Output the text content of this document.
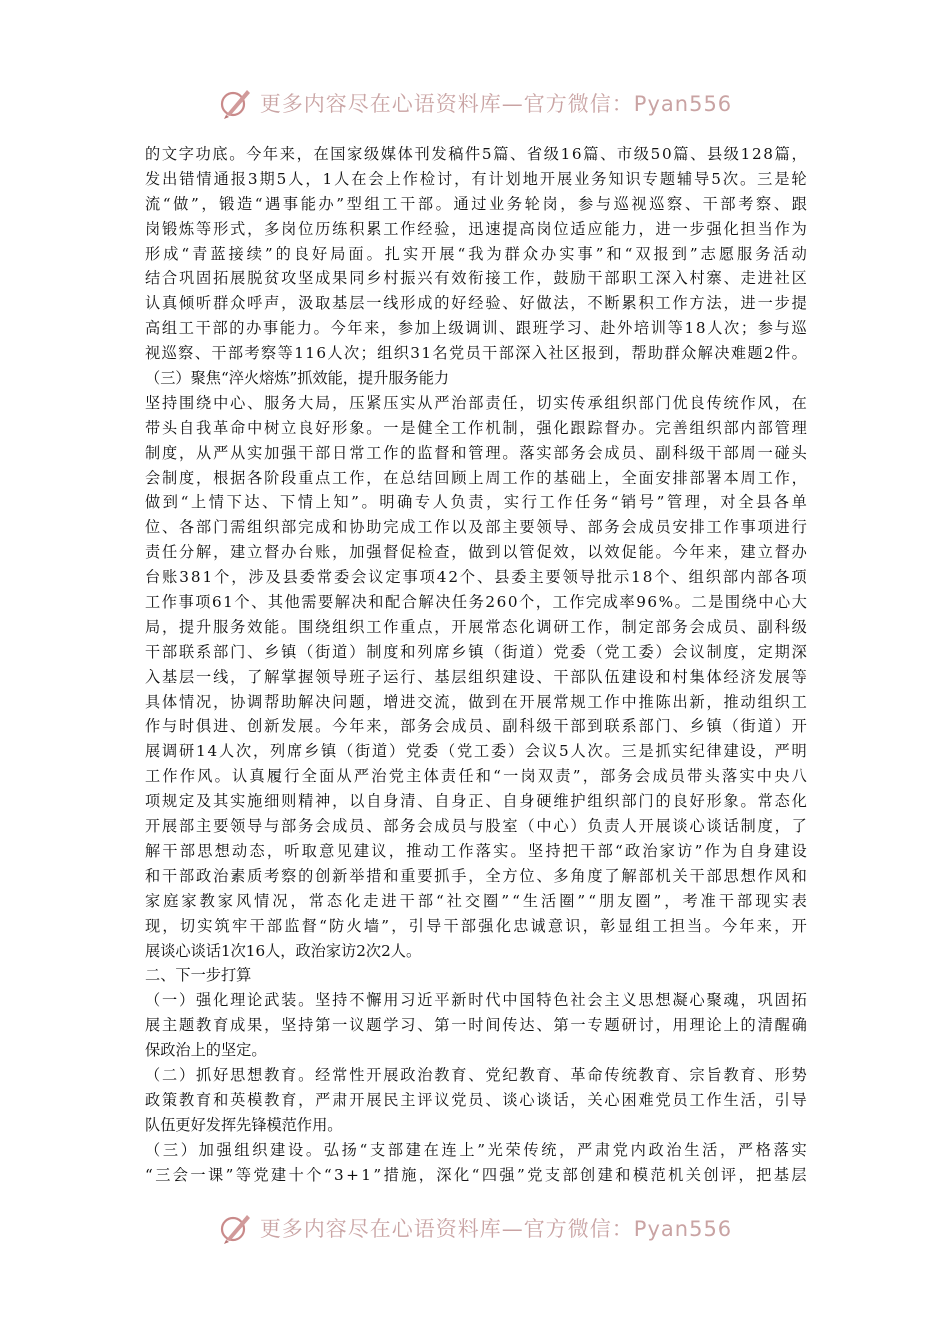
更多内容尽在心语资料库—官方微信：Pyan556
的 文 字 功 底 。 今 年 来 ， 在 国 家 级 媒 体 刊 发 稿 件 5 篇 、 省 级 1 6 篇 、 市 级 5 0 篇 、 县 级 1 2 8 篇 ，
发 出 错 情 通 报 3 期 5 人 ， 1 人 在 会 上 作 检 讨 ， 有 计 划 地 开 展 业 务 知 识 专 题 辅 导 5 次 。 三 是 轮
流 “ 做 ” ， 锻 造 “ 遇 事 能 办 ” 型 组 工 干 部 。 通 过 业 务 轮 岗 ， 参 与 巡 视 巡 察 、 干 部 考 察 、 跟
岗 锻 炼 等 形 式 ， 多 岗 位 历 练 积 累 工 作 经 验 ， 迅 速 提 高 岗 位 适 应 能 力 ， 进 一 步 强 化 担 当 作 为
形 成 “ 青 蓝 接 续 ” 的 良 好 局 面 。 扎 实 开 展 “ 我 为 群 众 办 实 事 ” 和 “ 双 报 到 ” 志 愿 服 务 活 动
结 合 巩 固 拓 展 脱 贫 攻 坚 成 果 同 乡 村 振 兴 有 效 衔 接 工 作 ， 鼓 励 干 部 职 工 深 入 村 寨 、 走 进 社 区
认 真 倾 听 群 众 呼 声 ， 汲 取 基 层 一 线 形 成 的 好 经 验 、 好 做 法 ， 不 断 累 积 工 作 方 法 ， 进 一 步 提
高 组 工 干 部 的 办 事 能 力 。 今 年 来 ， 参 加 上 级 调 训 、 跟 班 学 习 、 赴 外 培 训 等 1 8 人 次 ； 参 与 巡
视 巡 察 、 干 部 考 察 等 1 1 6 人 次 ； 组 织 3 1 名 党 员 干 部 深 入 社 区 报 到 ， 帮 助 群 众 解 决 难 题 2 件 。
（三）聚焦“淬火熔炼”抓效能，提升服务能力
坚 持 围 绕 中 心 、 服 务 大 局 ， 压 紧 压 实 从 严 治 部 责 任 ， 切 实 传 承 组 织 部 门 优 良 传 统 作 风 ， 在
带 头 自 我 革 命 中 树 立 良 好 形 象 。 一 是 健 全 工 作 机 制 ， 强 化 跟 踪 督 办 。 完 善 组 织 部 内 部 管 理
制 度 ， 从 严 从 实 加 强 干 部 日 常 工 作 的 监 督 和 管 理 。 落 实 部 务 会 成 员 、 副 科 级 干 部 周 一 碰 头
会 制 度 ， 根 据 各 阶 段 重 点 工 作 ， 在 总 结 回 顾 上 周 工 作 的 基 础 上 ， 全 面 安 排 部 署 本 周 工 作 ，
做 到 “ 上 情 下 达 、 下 情 上 知 ” 。 明 确 专 人 负 责 ， 实 行 工 作 任 务 “ 销 号 ” 管 理 ， 对 全 县 各 单
位 、 各 部 门 需 组 织 部 完 成 和 协 助 完 成 工 作 以 及 部 主 要 领 导 、 部 务 会 成 员 安 排 工 作 事 项 进 行
责 任 分 解 ， 建 立 督 办 台 账 ， 加 强 督 促 检 查 ， 做 到 以 管 促 效 ， 以 效 促 能 。 今 年 来 ， 建 立 督 办
台 账 3 8 1 个 ， 涉 及 县 委 常 委 会 议 定 事 项 4 2 个 、 县 委 主 要 领 导 批 示 1 8 个 、 组 织 部 内 部 各 项
工 作 事 项 6 1 个 、 其 他 需 要 解 决 和 配 合 解 决 任 务 2 6 0 个 ， 工 作 完 成 率 9 6 % 。 二 是 围 绕 中 心 大
局 ， 提 升 服 务 效 能 。 围 绕 组 织 工 作 重 点 ， 开 展 常 态 化 调 研 工 作 ， 制 定 部 务 会 成 员 、 副 科 级
干 部 联 系 部 门 、 乡 镇 （ 街 道 ） 制 度 和 列 席 乡 镇 （ 街 道 ） 党 委 （ 党 工 委 ） 会 议 制 度 ， 定 期 深
入 基 层 一 线 ， 了 解 掌 握 领 导 班 子 运 行 、 基 层 组 织 建 设 、 干 部 队 伍 建 设 和 村 集 体 经 济 发 展 等
具 体 情 况 ， 协 调 帮 助 解 决 问 题 ， 增 进 交 流 ， 做 到 在 开 展 常 规 工 作 中 推 陈 出 新 ， 推 动 组 织 工
作 与 时 俱 进 、 创 新 发 展 。 今 年 来 ， 部 务 会 成 员 、 副 科 级 干 部 到 联 系 部 门 、 乡 镇 （ 街 道 ） 开
展 调 研 1 4 人 次 ， 列 席 乡 镇 （ 街 道 ） 党 委 （ 党 工 委 ） 会 议 5 人 次 。 三 是 抓 实 纪 律 建 设 ， 严 明
工 作 作 风 。 认 真 履 行 全 面 从 严 治 党 主 体 责 任 和 “ 一 岗 双 责 ” ， 部 务 会 成 员 带 头 落 实 中 央 八
项 规 定 及 其 实 施 细 则 精 神 ， 以 自 身 清 、 自 身 正 、 自 身 硬 维 护 组 织 部 门 的 良 好 形 象 。 常 态 化
开 展 部 主 要 领 导 与 部 务 会 成 员 、 部 务 会 成 员 与 股 室 （ 中 心 ） 负 责 人 开 展 谈 心 谈 话 制 度 ， 了
解 干 部 思 想 动 态 ， 听 取 意 见 建 议 ， 推 动 工 作 落 实 。 坚 持 把 干 部 “ 政 治 家 访 ” 作 为 自 身 建 设
和 干 部 政 治 素 质 考 察 的 创 新 举 措 和 重 要 抓 手 ， 全 方 位 、 多 角 度 了 解 部 机 关 干 部 思 想 作 风 和
家 庭 家 教 家 风 情 况 ， 常 态 化 走 进 干 部 “ 社 交 圈 ” “ 生 活 圈 ” “ 朋 友 圈 ” ， 考 准 干 部 现 实 表
现 ， 切 实 筑 牢 干 部 监 督 “ 防 火 墙 ” ， 引 导 干 部 强 化 忠 诚 意 识 ， 彰 显 组 工 担 当 。 今 年 来 ， 开
展谈心谈话1次16人，政治家访2次2人。
二、下一步打算
（ 一 ） 强 化 理 论 武 装 。 坚 持 不 懈 用 习 近 平 新 时 代 中 国 特 色 社 会 主 义 思 想 凝 心 聚 魂 ， 巩 固 拓
展 主 题 教 育 成 果 ， 坚 持 第 一 议 题 学 习 、 第 一 时 间 传 达 、 第 一 专 题 研 讨 ， 用 理 论 上 的 清 醒 确
保政治上的坚定。
（ 二 ） 抓 好 思 想 教 育 。 经 常 性 开 展 政 治 教 育 、 党 纪 教 育 、 革 命 传 统 教 育 、 宗 旨 教 育 、 形 势
政 策 教 育 和 英 模 教 育 ， 严 肃 开 展 民 主 评 议 党 员 、 谈 心 谈 话 ， 关 心 困 难 党 员 工 作 生 活 ， 引 导
队伍更好发挥先锋模范作用。
（ 三 ） 加 强 组 织 建 设 。 弘 扬 “ 支 部 建 在 连 上 ” 光 荣 传 统 ， 严 肃 党 内 政 治 生 活 ， 严 格 落 实
“ 三 会 一 课 ” 等 党 建 十 个 “ 3 + 1 ” 措 施 ， 深 化 “ 四 强 ” 党 支 部 创 建 和 模 范 机 关 创 评 ， 把 基 层
更多内容尽在心语资料库—官方微信：Pyan556
